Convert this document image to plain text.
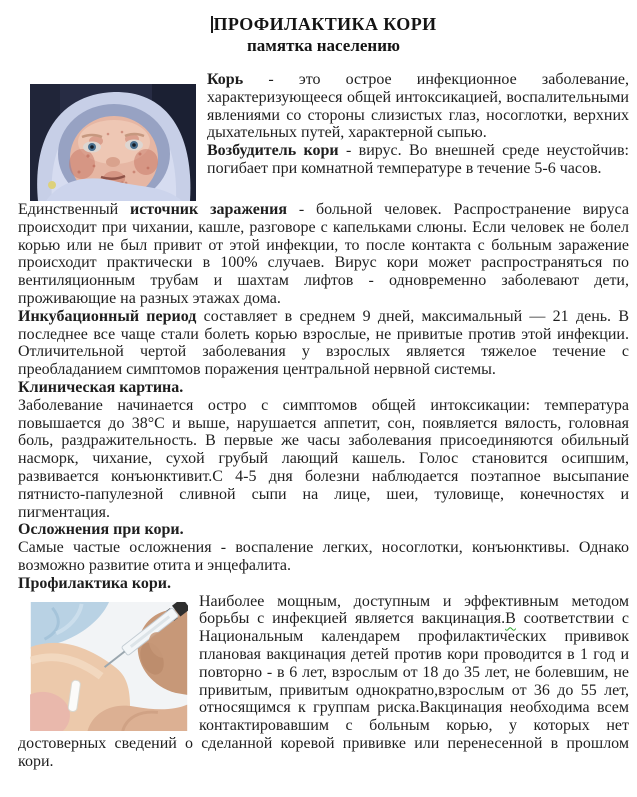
ПРОФИЛАКТИКА КОРИ
памятка населению

Корь - это острое инфекционное заболевание, характеризующееся общей интоксикацией, воспалительными явлениями со стороны слизистых глаз, носоглотки, верхних дыхательных путей, характерной сыпью.

Возбудитель кори - вирус. Во внешней среде неустойчив: погибает при комнатной температуре в течение 5-6 часов.

Единственный источник заражения - больной человек. Распространение вируса происходит при чихании, кашле, разговоре с капельками слюны. Если человек не болел корью или не был привит от этой инфекции, то после контакта с больным заражение происходит практически в 100% случаев. Вирус кори может распространяться по вентиляционным трубам и шахтам лифтов - одновременно заболевают дети, проживающие на разных этажах дома.

Инкубационный период составляет в среднем 9 дней, максимальный — 21 день. В последнее все чаще стали болеть корью взрослые, не привитые против этой инфекции. Отличительной чертой заболевания у взрослых является тяжелое течение с преобладанием симптомов поражения центральной нервной системы.

Клиническая картина.

Заболевание начинается остро с симптомов общей интоксикации: температура повышается до 38°С и выше, нарушается аппетит, сон, появляется вялость, головная боль, раздражительность. В первые же часы заболевания присоединяются обильный насморк, чихание, сухой грубый лающий кашель. Голос становится осипшим, развивается конъюнктивит.С 4-5 дня болезни наблюдается поэтапное высыпание пятнисто-папулезной сливной сыпи на лице, шеи, туловище, конечностях и пигментация.

Осложнения при кори.

Самые частые осложнения - воспаление легких, носоглотки, конъюнктивы. Однако возможно развитие отита и энцефалита.

Профилактика кори.

Наиболее мощным, доступным и эффективным методом борьбы с инфекцией является вакцинация.В соответствии с Национальным календарем профилактических прививок плановая вакцинация детей против кори проводится в 1 год и повторно - в 6 лет, взрослым от 18 до 35 лет, не болевшим, не привитым, привитым однократно,взрослым от 36 до 55 лет, относящимся к группам риска.Вакцинация необходима всем контактировавшим с больным корью, у которых нет достоверных сведений о сделанной коревой прививке или перенесенной в прошлом кори.
